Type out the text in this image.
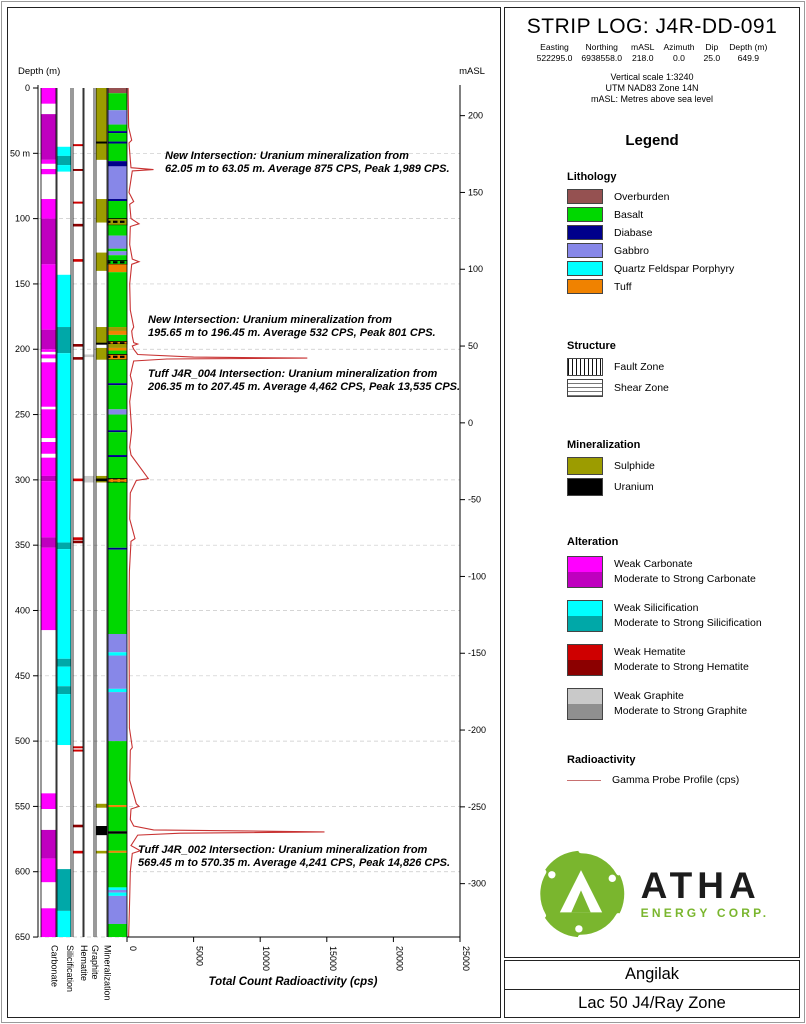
Depth (m)	mASL
Carbonate Silicification Hematite Graphite Mineralization
0
50 m
100
150
200
250
300
350
400
450
500
550
600
650
200
150
100
50
0
-50
-100
-150
-200
-250
-300
0	5000	10000	15000	20000	25000
New Intersection: Uranium mineralization from
62.05 m to 63.05 m. Average 875 CPS, Peak 1,989 CPS.
New Intersection: Uranium mineralization from
195.65 m to 196.45 m. Average 532 CPS, Peak 801 CPS.
Tuff J4R_004 Intersection: Uranium mineralization from
206.35 m to 207.45 m. Average 4,462 CPS, Peak 13,535 CPS.
Tuff J4R_002 Intersection: Uranium mineralization from
569.45 m to 570.35 m. Average 4,241 CPS, Peak 14,826 CPS.
Total Count Radioactivity (cps)
STRIP LOG: J4R-DD-091
Easting
522295.0
Northing
6938558.0
mASL
218.0
Azimuth
0.0
Dip
25.0
Depth (m)
649.9
Vertical scale 1:3240
UTM NAD83 Zone 14N
mASL: Metres above sea level
Legend
Lithology
Overburden
Basalt
Diabase
Gabbro
Quartz Feldspar Porphyry
Tuff
Structure
Fault Zone
Shear Zone
Mineralization
Sulphide
Uranium
Alteration
Weak Carbonate
Moderate to Strong Carbonate
Weak Silicification
Moderate to Strong Silicification
Weak Hematite
Moderate to Strong Hematite
Weak Graphite
Moderate to Strong Graphite
Radioactivity
Gamma Probe Profile (cps)
ATHA
ENERGY CORP.
Angilak
Lac 50 J4/Ray Zone
